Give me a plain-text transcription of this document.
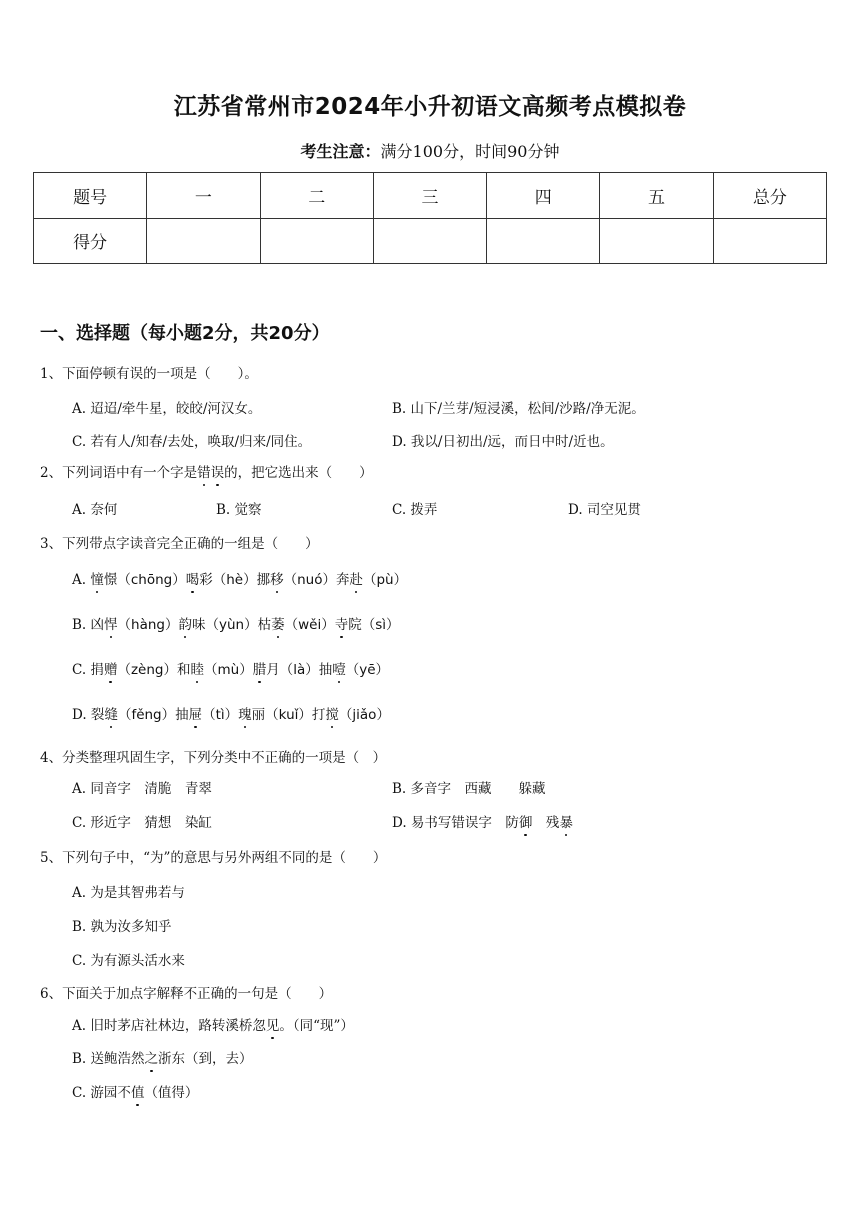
江苏省常州市2024年小升初语文高频考点模拟卷
考生注意：满分100分，时间90分钟
题号	一	二	三	四	五	总分
得分						
一、选择题（每小题2分，共20分）
1、下面停顿有误的一项是（　　）。
A. 迢迢/牵牛星，皎皎/河汉女。	B. 山下/兰芽/短浸溪，松间/沙路/净无泥。
C. 若有人/知春/去处，唤取/归来/同住。	D. 我以/日初出/远，而日中时/近也。
2、下列词语中有一个字是错误的，把它选出来（　　）
A. 奈何	B. 觉察	C. 拨弄	D. 司空见贯
3、下列带点字读音完全正确的一组是（　　）
A. 憧憬（chōng）喝彩（hè）挪移（nuó）奔赴（pù）
B. 凶悍（hàng）韵味（yùn）枯萎（wěi）寺院（sì）
C. 捐赠（zèng）和睦（mù）腊月（là）抽噎（yē）
D. 裂缝（fěng）抽屉（tì）瑰丽（kuǐ）打搅（jiǎo）
4、分类整理巩固生字，下列分类中不正确的一项是（　）
A. 同音字　清脆　青翠	B. 多音字　西藏　　躲藏
C. 形近字　猜想　染缸	D. 易书写错误字　防御　残暴
5、下列句子中，“为”的意思与另外两组不同的是（　　）
A. 为是其智弗若与
B. 孰为汝多知乎
C. 为有源头活水来
6、下面关于加点字解释不正确的一句是（　　）
A. 旧时茅店社林边，路转溪桥忽见。（同“现”）
B. 送鲍浩然之浙东（到，去）
C. 游园不值（值得）
